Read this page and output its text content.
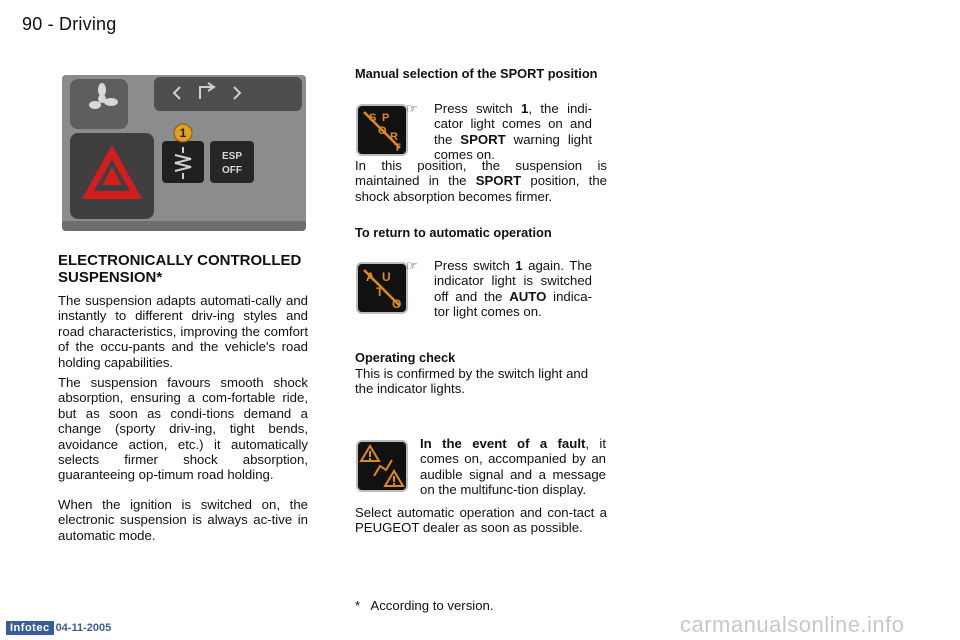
90 - Driving
1
ESP
OFF
ELECTRONICALLY CONTROLLED SUSPENSION*

The suspension adapts automati-cally and instantly to different driv-ing styles and road characteristics, improving the comfort of the occu-pants and the vehicle's road holding capabilities.

The suspension favours smooth shock absorption, ensuring a com-fortable ride, but as soon as condi-tions demand a change (sporty driv-ing, tight bends, avoidance action, etc.) it automatically selects firmer shock absorption, guaranteeing op-timum road holding.

When the ignition is switched on, the electronic suspension is always ac-tive in automatic mode.

Manual selection of the SPORT position
S P
O R
T
☞ Press switch 1, the indi-cator light comes on and the SPORT warning light comes on.
In this position, the suspension is maintained in the SPORT position, the shock absorption becomes firmer.
To return to automatic operation
A U
T
O
☞ Press switch 1 again. The indicator light is switched off and the AUTO indica-tor light comes on.
Operating check
This is confirmed by the switch light and the indicator lights.
In the event of a fault, it comes on, accompanied by an audible signal and a message on the multifunc-tion display.
Select automatic operation and con-tact a PEUGEOT dealer as soon as possible.
* According to version.
Infotec 04-11-2005	carmanualsonline.info
